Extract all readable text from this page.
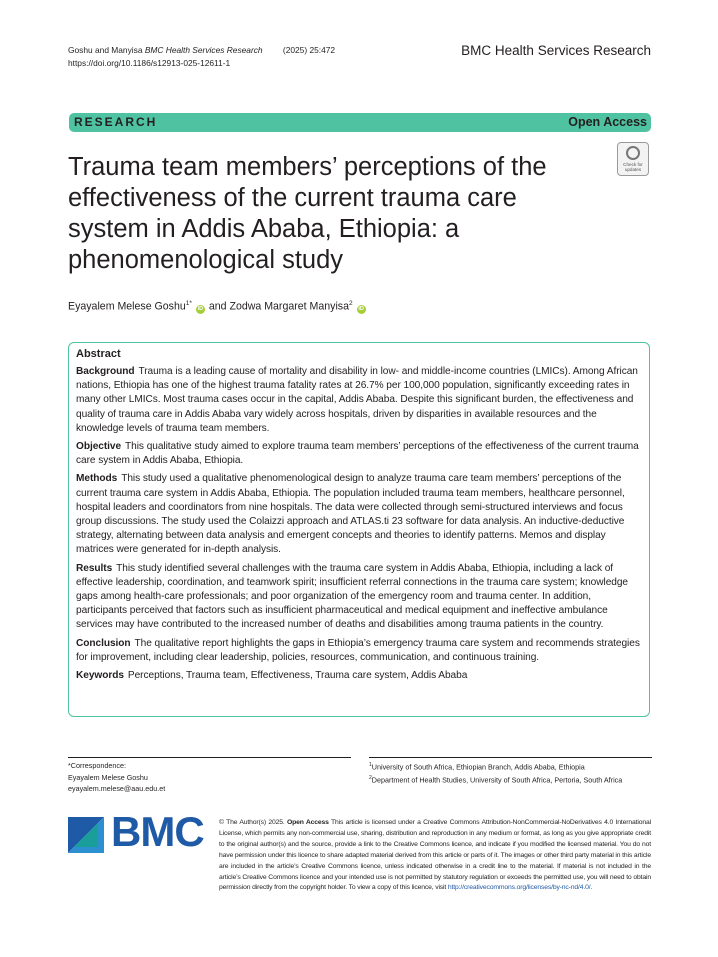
Goshu and Manyisa BMC Health Services Research (2025) 25:472
https://doi.org/10.1186/s12913-025-12611-1
BMC Health Services Research
RESEARCH	Open Access
Trauma team members’ perceptions of the effectiveness of the current trauma care system in Addis Ababa, Ethiopia: a phenomenological study
Check for
updates
Eyayalem Melese Goshu$^{1*}$ iD and Zodwa Margaret Manyisa$^2$ iD
Abstract

Background Trauma is a leading cause of mortality and disability in low- and middle-income countries (LMICs). Among African nations, Ethiopia has one of the highest trauma fatality rates at 26.7% per 100,000 population, significantly exceeding rates in many other LMICs. Most trauma cases occur in the capital, Addis Ababa. Despite this significant burden, the effectiveness and quality of trauma care in Addis Ababa vary widely across hospitals, driven by disparities in available resources and the knowledge levels of trauma team members.

Objective This qualitative study aimed to explore trauma team members’ perceptions of the effectiveness of the current trauma care system in Addis Ababa, Ethiopia.

Methods This study used a qualitative phenomenological design to analyze trauma care team members’ perceptions of the current trauma care system in Addis Ababa, Ethiopia. The population included trauma team members, healthcare personnel, hospital leaders and coordinators from nine hospitals. The data were collected through semi-structured interviews and focus group discussions. The study used the Colaizzi approach and ATLAS.ti 23 software for data analysis. An inductive-deductive strategy, alternating between data analysis and emergent concepts and theories to identify patterns. Memos and display matrices were generated for in-depth analysis.

Results This study identified several challenges with the trauma care system in Addis Ababa, Ethiopia, including a lack of effective leadership, coordination, and teamwork spirit; insufficient referral connections in the trauma care system; knowledge gaps among health-care professionals; and poor organization of the emergency room and trauma center. In addition, participants perceived that factors such as insufficient pharmaceutical and medical equipment and ineffective ambulance services may have contributed to the increased number of deaths and disabilities among trauma patients in the country.

Conclusion The qualitative report highlights the gaps in Ethiopia’s emergency trauma care system and recommends strategies for improvement, including clear leadership, policies, resources, communication, and continuous training.

Keywords Perceptions, Trauma team, Effectiveness, Trauma care system, Addis Ababa

*Correspondence:
Eyayalem Melese Goshu
eyayalem.melese@aau.edu.et
$^1$University of South Africa, Ethiopian Branch, Addis Ababa, Ethiopia
$^2$Department of Health Studies, University of South Africa, Pertoria, South Africa
BMC © The Author(s) 2025. Open Access This article is licensed under a Creative Commons Attribution-NonCommercial-NoDerivatives 4.0 International License, which permits any non-commercial use, sharing, distribution and reproduction in any medium or format, as long as you give appropriate credit to the original author(s) and the source, provide a link to the Creative Commons licence, and indicate if you modified the licensed material. You do not have permission under this licence to share adapted material derived from this article or parts of it. The images or other third party material in this article are included in the article’s Creative Commons licence, unless indicated otherwise in a credit line to the material. If material is not included in the article’s Creative Commons licence and your intended use is not permitted by statutory regulation or exceeds the permitted use, you will need to obtain permission directly from the copyright holder. To view a copy of this licence, visit http://creativecommons.org/licenses/by-nc-nd/4.0/.
